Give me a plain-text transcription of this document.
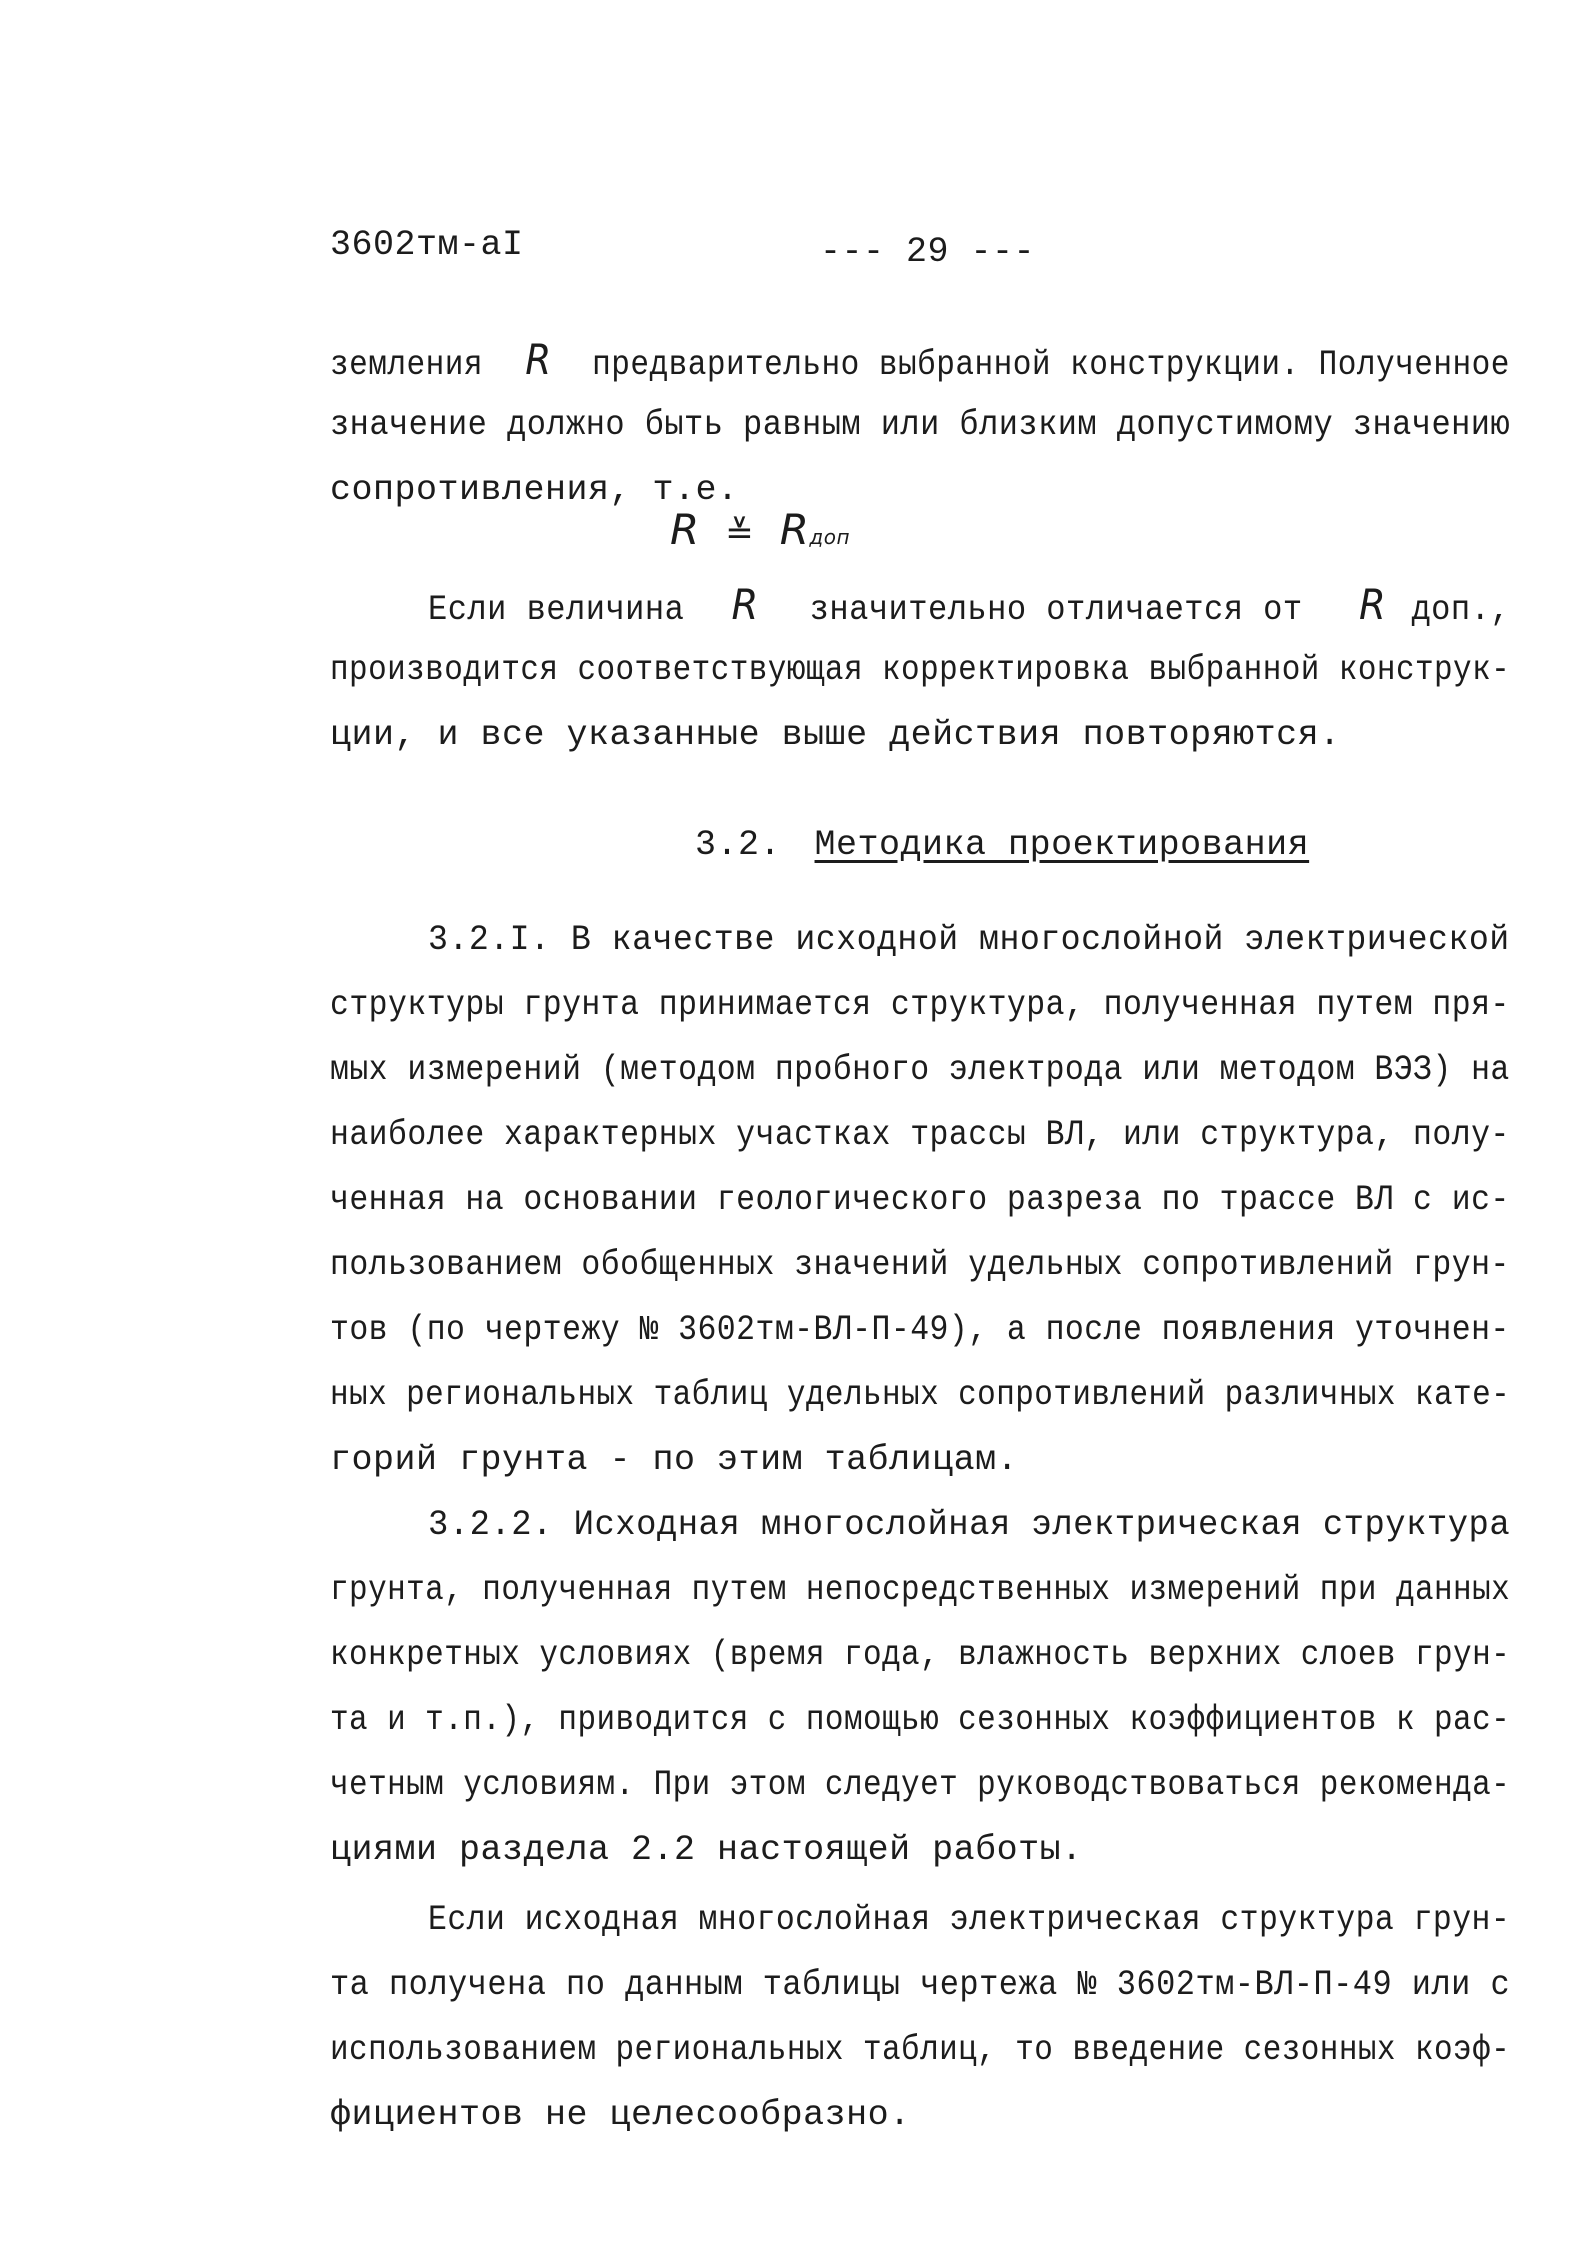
3602тм-аI	--- 29 ---
земления R предварительно выбранной конструкции. Полученное
значение должно быть равным или близким допустимому значению
сопротивления, т.е.
R ≚ Rдоп
Если величина R значительно отличается от R доп.,
производится соответствующая корректировка выбранной конструк-
ции, и все указанные выше действия повторяются.
3.2. Методика проектирования
3.2.I. В качестве исходной многослойной электрической
структуры грунта принимается структура, полученная путем пря-
мых измерений (методом пробного электрода или методом ВЭЗ) на
наиболее характерных участках трассы ВЛ, или структура, полу-
ченная на основании геологического разреза по трассе ВЛ с ис-
пользованием обобщенных значений удельных сопротивлений грун-
тов (по чертежу № 3602тм-ВЛ-П-49), а после появления уточнен-
ных региональных таблиц удельных сопротивлений различных кате-
горий грунта - по этим таблицам.
3.2.2. Исходная многослойная электрическая структура
грунта, полученная путем непосредственных измерений при данных
конкретных условиях (время года, влажность верхних слоев грун-
та и т.п.), приводится с помощью сезонных коэффициентов к рас-
четным условиям. При этом следует руководствоваться рекоменда-
циями раздела 2.2 настоящей работы.
Если исходная многослойная электрическая структура грун-
та получена по данным таблицы чертежа № 3602тм-ВЛ-П-49 или с
использованием региональных таблиц, то введение сезонных коэф-
фициентов не целесообразно.
